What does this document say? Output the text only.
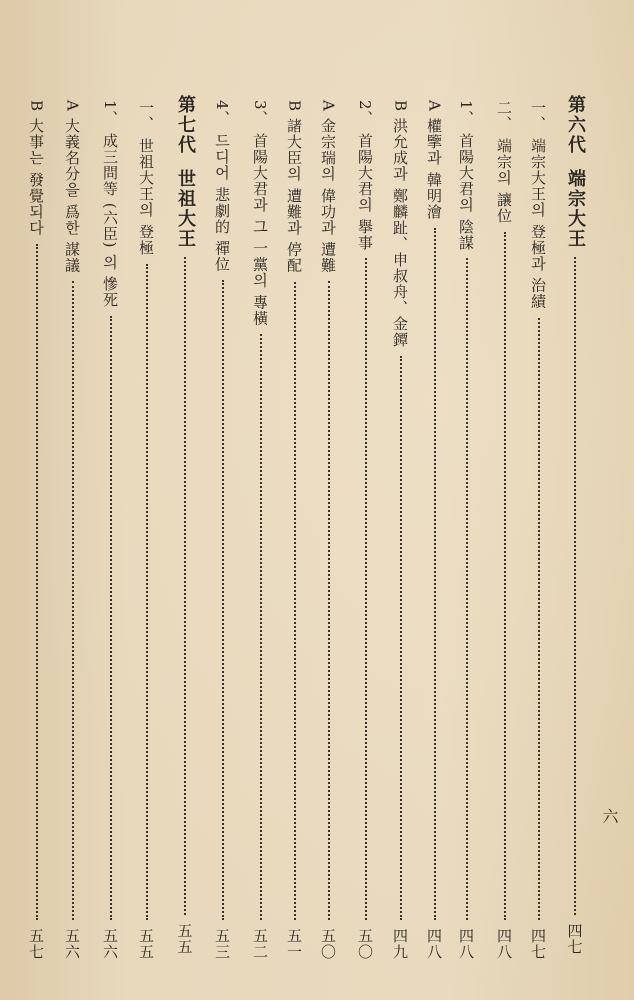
第六代
端宗大王
四七
一、
端宗大王의 登極과 治績
四七
二、
端宗의 讓位
四八
1、
首陽大君의 陰謀
四八
A
權擥과 韓明澮
四八
B
洪允成과 鄭麟趾、申叔舟、金鐔
四九
2、
首陽大君의 擧事
五〇
A
金宗瑞의 偉功과 遭難
五〇
B
諸大臣의 遭難과 停配
五一
3、
首陽大君과 그 一黨의 專橫
五二
4、
드디어 悲劇的 禪位
五三
第七代
世祖大王
五五
一、
世祖大王의 登極
五五
1、
成三問等 (六臣) 의 慘死
五六
A
大義名分을 爲한 謀議
五六
B
大事는 發覺되다
五七
六
